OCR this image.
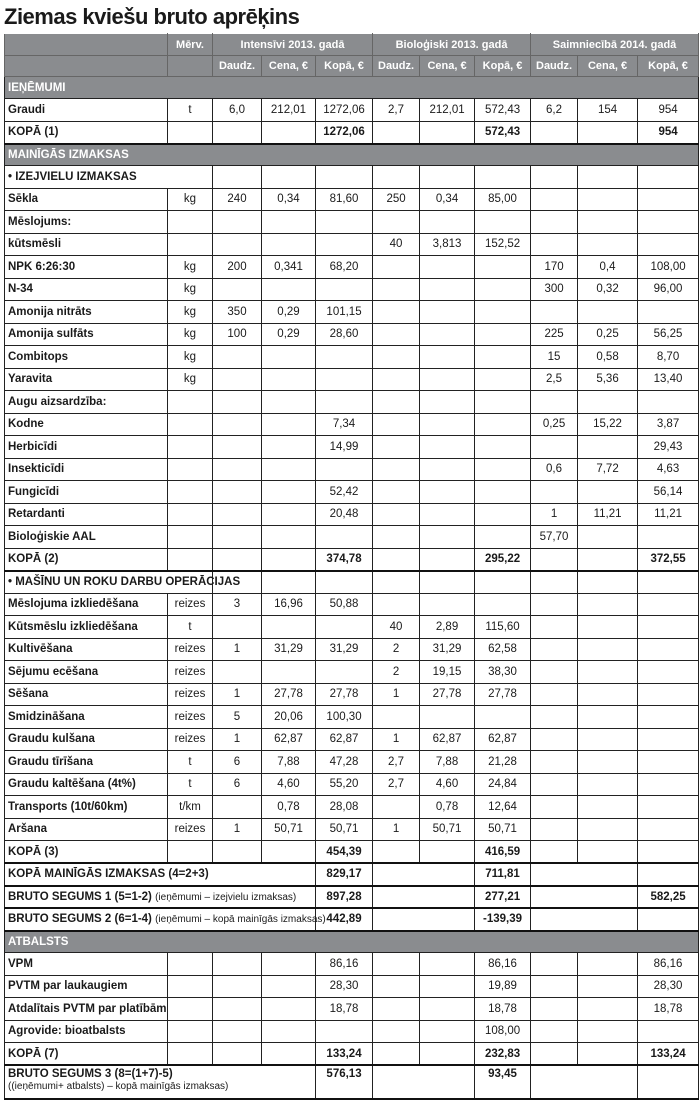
Ziemas kviešu bruto aprēķins
	Mērv.	Intensīvi 2013. gadā			Bioloģiski 2013. gadā			Saimniecībā 2014. gadā		
		Daudz.	Cena, €	Kopā, €	Daudz.	Cena, €	Kopā, €	Daudz.	Cena, €	Kopā, €
IEŅĒMUMI										
Graudi	t	6,0	212,01	1272,06	2,7	212,01	572,43	6,2	154	954
KOPĀ (1)				1272,06			572,43			954
MAINĪGĀS IZMAKSAS										
• IZEJVIELU IZMAKSAS										
Sēkla	kg	240	0,34	81,60	250	0,34	85,00			
Mēslojums:										
kūtsmēsli					40	3,813	152,52			
NPK 6:26:30	kg	200	0,341	68,20				170	0,4	108,00
N-34	kg							300	0,32	96,00
Amonija nitrāts	kg	350	0,29	101,15						
Amonija sulfāts	kg	100	0,29	28,60				225	0,25	56,25
Combitops	kg							15	0,58	8,70
Yaravita	kg							2,5	5,36	13,40
Augu aizsardzība:										
Kodne				7,34				0,25	15,22	3,87
Herbicīdi				14,99						29,43
Insekticīdi								0,6	7,72	4,63
Fungicīdi				52,42						56,14
Retardanti				20,48				1	11,21	11,21
Bioloģiskie AAL								57,70		
KOPĀ (2)				374,78			295,22			372,55
• MAŠĪNU UN ROKU DARBU OPERĀCIJAS										
Mēslojuma izkliedēšana	reizes	3	16,96	50,88						
Kūtsmēslu izkliedēšana	t				40	2,89	115,60			
Kultivēšana	reizes	1	31,29	31,29	2	31,29	62,58			
Sējumu ecēšana	reizes				2	19,15	38,30			
Sēšana	reizes	1	27,78	27,78	1	27,78	27,78			
Smidzināšana	reizes	5	20,06	100,30						
Graudu kulšana	reizes	1	62,87	62,87	1	62,87	62,87			
Graudu tīrīšana	t	6	7,88	47,28	2,7	7,88	21,28			
Graudu kaltēšana (4t%)	t	6	4,60	55,20	2,7	4,60	24,84			
Transports (10t/60km)	t/km		0,78	28,08		0,78	12,64			
Aršana	reizes	1	50,71	50,71	1	50,71	50,71			
KOPĀ (3)				454,39			416,59			
KOPĀ MAINĪGĀS IZMAKSAS (4=2+3)				829,17			711,81			
BRUTO SEGUMS 1 (5=1-2) (ieņēmumi – izejvielu izmaksas)				897,28			277,21			582,25
BRUTO SEGUMS 2 (6=1-4) (ieņēmumi – kopā mainīgās izmaksas)				442,89			-139,39			
ATBALSTS										
VPM				86,16			86,16			86,16
PVTM par laukaugiem				28,30			19,89			28,30
Atdalītais PVTM par platībām				18,78			18,78			18,78
Agrovide: bioatbalsts							108,00			
KOPĀ (7)				133,24			232,83			133,24
BRUTO SEGUMS 3 (8=(1+7)-5)
((ieņēmumi+ atbalsts) – kopā mainīgās izmaksas)				576,13			93,45			
